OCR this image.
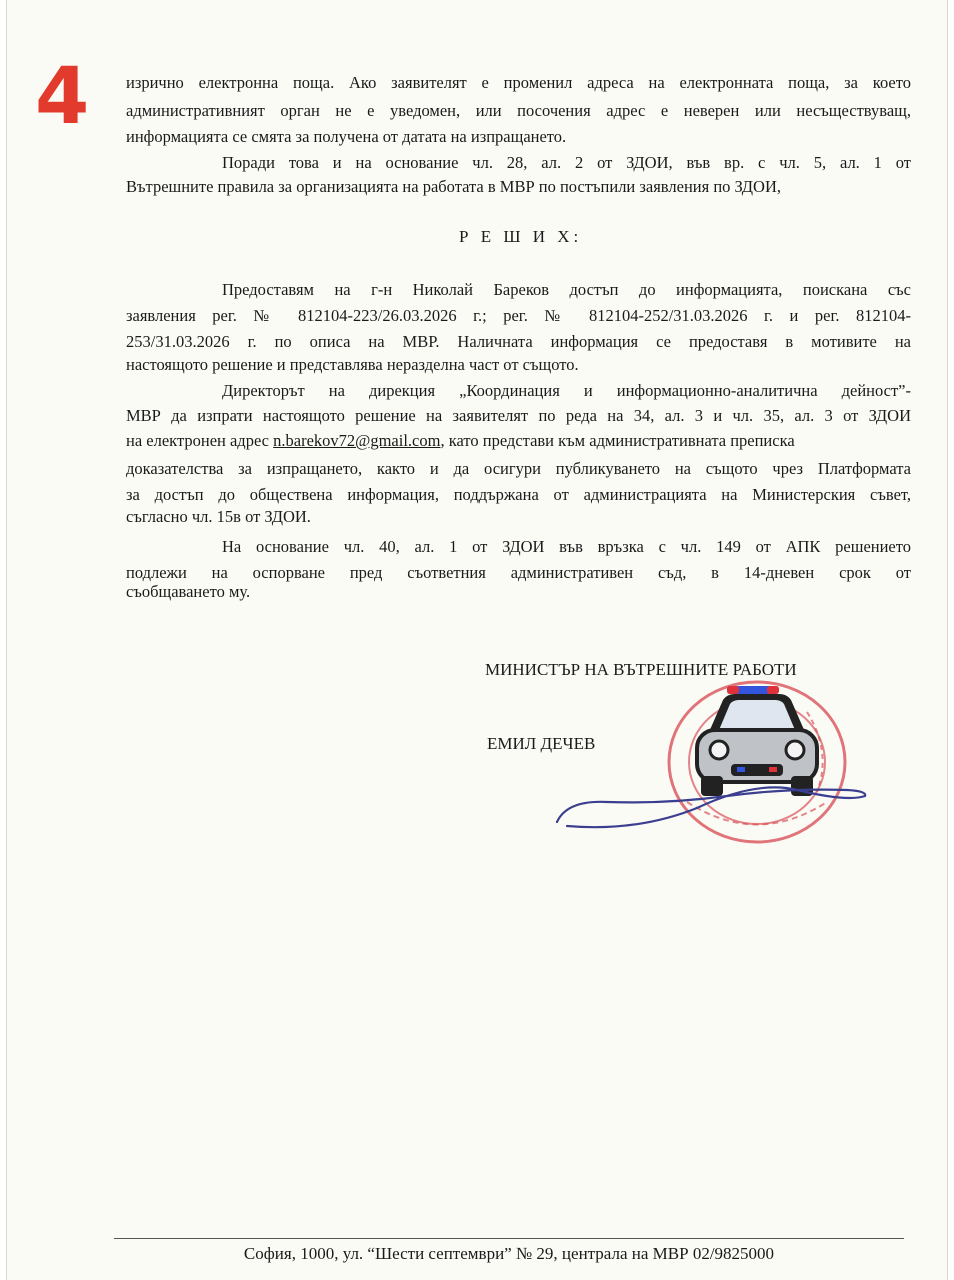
4 изрично електронна поща. Ако заявителят е променил адреса на електронната поща, за което
административният орган не е уведомен, или посочения адрес е неверен или несъществуващ,
информацията се смята за получена от датата на изпращането.
Поради това и на основание чл. 28, ал. 2 от ЗДОИ, във вр. с чл. 5, ал. 1 от
Вътрешните правила за организацията на работата в МВР по постъпили заявления по ЗДОИ,
Р Е Ш И Х:
Предоставям на г-н Николай Бареков достъп до информацията, поискана със
заявления рег. № 812104-223/26.03.2026 г.; рег. № 812104-252/31.03.2026 г. и рег. 812104-
253/31.03.2026 г. по описа на МВР. Наличната информация се предоставя в мотивите на
настоящото решение и представлява неразделна част от същото.
Директорът на дирекция „Координация и информационно-аналитична дейност”-
МВР да изпрати настоящото решение на заявителят по реда на 34, ал. 3 и чл. 35, ал. 3 от ЗДОИ
на електронен адрес n.barekov72@gmail.com, като представи към административната преписка
доказателства за изпращането, както и да осигури публикуването на същото чрез Платформата
за достъп до обществена информация, поддържана от администрацията на Министерския съвет,
съгласно чл. 15в от ЗДОИ.
На основание чл. 40, ал. 1 от ЗДОИ във връзка с чл. 149 от АПК решението
подлежи на оспорване пред съответния административен съд, в 14-дневен срок от
съобщаването му.
МИНИСТЪР НА ВЪТРЕШНИТЕ РАБОТИ
ЕМИЛ ДЕЧЕВ
София, 1000, ул. “Шести септември” № 29, централа на МВР 02/9825000
